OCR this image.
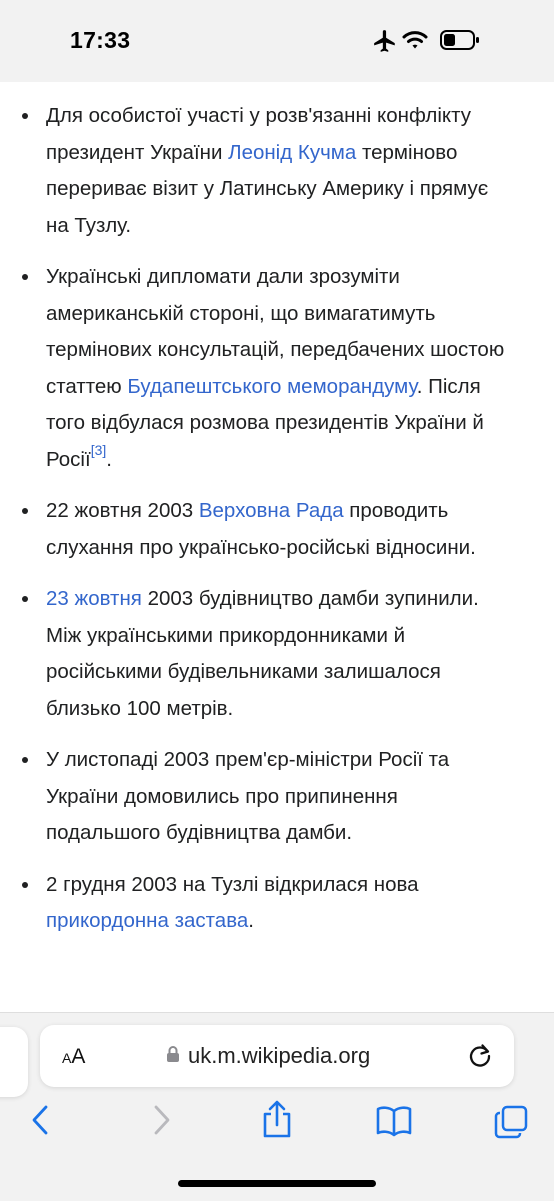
17:33
Для особистої участі у розв'язанні конфлікту президент України Леонід Кучма терміново перериває візит у Латинську Америку і прямує на Тузлу.
Українські дипломати дали зрозуміти американській стороні, що вимагатимуть термінових консультацій, передбачених шостою статтею Будапештського меморандуму. Після того відбулася розмова президентів України й Росії[3].
22 жовтня 2003 Верховна Рада проводить слухання про українсько-російські відносини.
23 жовтня 2003 будівництво дамби зупинили. Між українськими прикордонниками й російськими будівельниками залишалося близько 100 метрів.
У листопаді 2003 прем'єр-міністри Росії та України домовились про припинення подальшого будівництва дамби.
2 грудня 2003 на Тузлі відкрилася нова прикордонна застава.
AA	uk.m.wikipedia.org
